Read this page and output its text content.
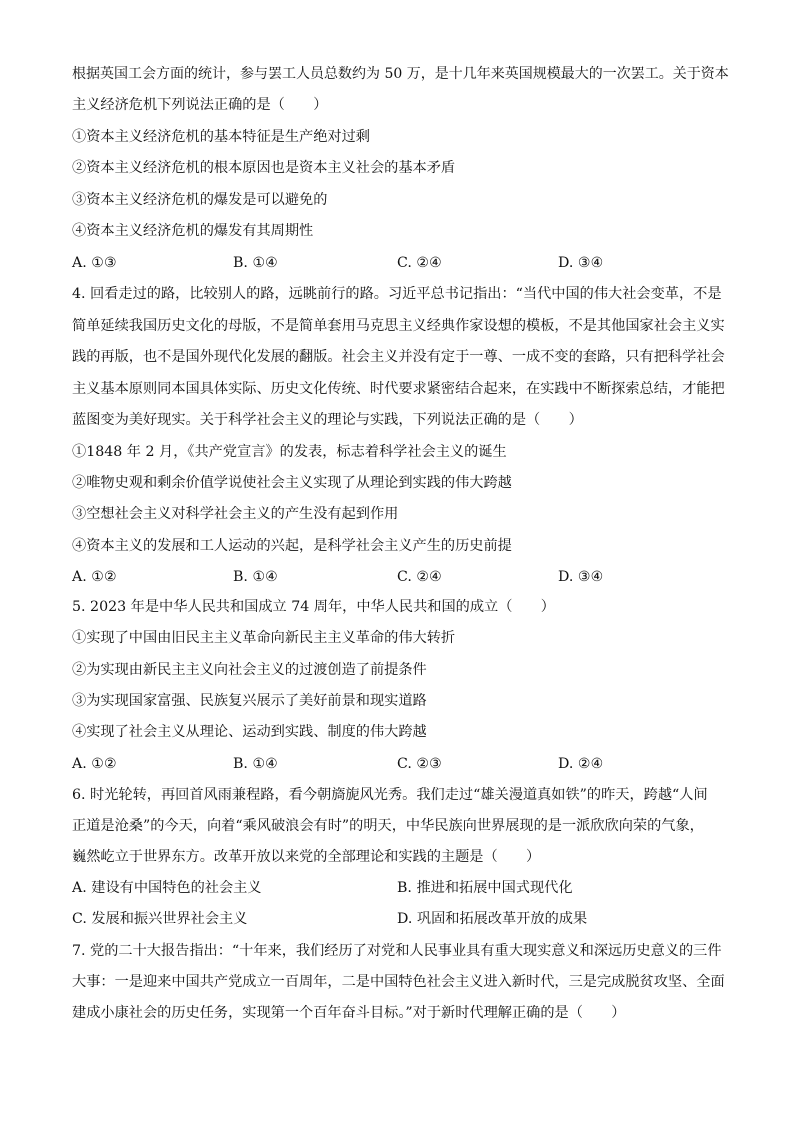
根据英国工会方面的统计，参与罢工人员总数约为 50 万，是十几年来英国规模最大的一次罢工。关于资本
主义经济危机下列说法正确的是（　　）
①资本主义经济危机的基本特征是生产绝对过剩
②资本主义经济危机的根本原因也是资本主义社会的基本矛盾
③资本主义经济危机的爆发是可以避免的
④资本主义经济危机的爆发有其周期性
A. ①③	B. ①④	C. ②④	D. ③④
4. 回看走过的路，比较别人的路，远眺前行的路。习近平总书记指出：“当代中国的伟大社会变革，不是
简单延续我国历史文化的母版，不是简单套用马克思主义经典作家设想的模板，不是其他国家社会主义实
践的再版，也不是国外现代化发展的翻版。社会主义并没有定于一尊、一成不变的套路，只有把科学社会
主义基本原则同本国具体实际、历史文化传统、时代要求紧密结合起来，在实践中不断探索总结，才能把
蓝图变为美好现实。关于科学社会主义的理论与实践，下列说法正确的是（　　）
①1848 年 2 月，《共产党宣言》的发表，标志着科学社会主义的诞生
②唯物史观和剩余价值学说使社会主义实现了从理论到实践的伟大跨越
③空想社会主义对科学社会主义的产生没有起到作用
④资本主义的发展和工人运动的兴起，是科学社会主义产生的历史前提
A. ①②	B. ①④	C. ②④	D. ③④
5. 2023 年是中华人民共和国成立 74 周年，中华人民共和国的成立（　　）
①实现了中国由旧民主主义革命向新民主主义革命的伟大转折
②为实现由新民主主义向社会主义的过渡创造了前提条件
③为实现国家富强、民族复兴展示了美好前景和现实道路
④实现了社会主义从理论、运动到实践、制度的伟大跨越
A. ①②	B. ①④	C. ②③	D. ②④
6. 时光轮转，再回首风雨兼程路，看今朝旖旎风光秀。我们走过“雄关漫道真如铁”的昨天，跨越“人间
正道是沧桑”的今天，向着“乘风破浪会有时”的明天，中华民族向世界展现的是一派欣欣向荣的气象，
巍然屹立于世界东方。改革开放以来党的全部理论和实践的主题是（　　）
A. 建设有中国特色的社会主义	B. 推进和拓展中国式现代化
C. 发展和振兴世界社会主义	D. 巩固和拓展改革开放的成果
7. 党的二十大报告指出：“十年来，我们经历了对党和人民事业具有重大现实意义和深远历史意义的三件
大事：一是迎来中国共产党成立一百周年，二是中国特色社会主义进入新时代，三是完成脱贫攻坚、全面
建成小康社会的历史任务，实现第一个百年奋斗目标。”对于新时代理解正确的是（　　）
